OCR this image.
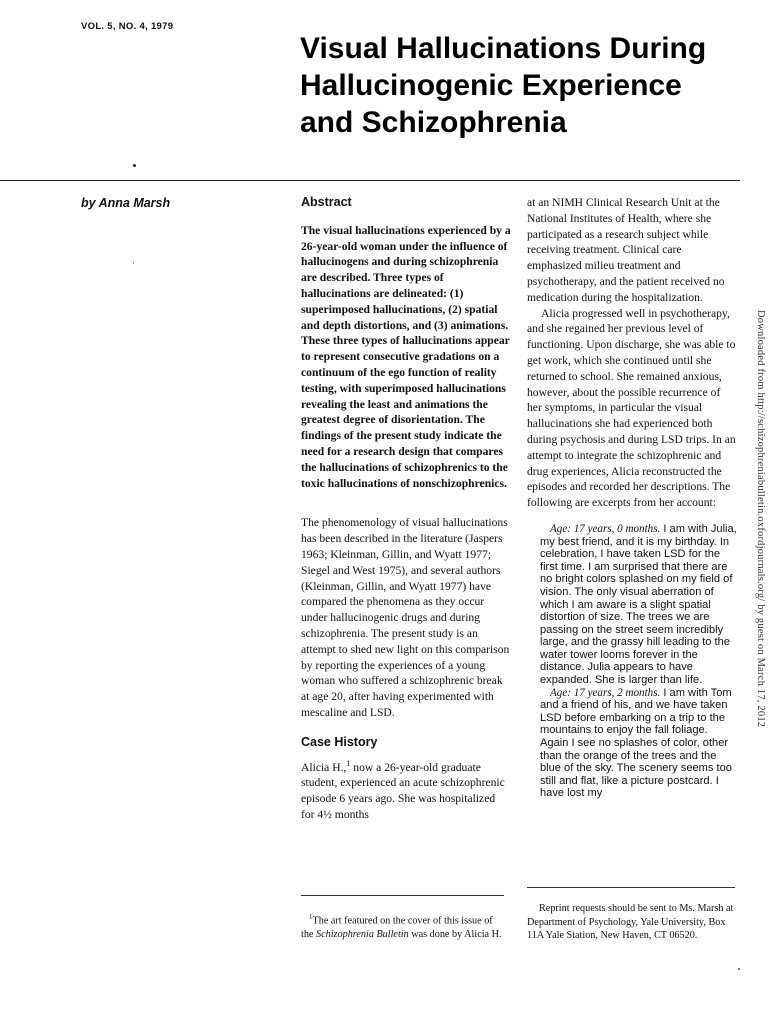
VOL. 5, NO. 4, 1979
Visual Hallucinations During Hallucinogenic Experience and Schizophrenia
by Anna Marsh	Abstract

The visual hallucinations experienced by a 26-year-old woman under the influence of hallucinogens and during schizophrenia are described. Three types of hallucinations are delineated: (1) superimposed hallucinations, (2) spatial and depth distortions, and (3) animations. These three types of hallucinations appear to represent consecutive gradations on a continuum of the ego function of reality testing, with superimposed hallucinations revealing the least and animations the greatest degree of disorientation. The findings of the present study indicate the need for a research design that compares the hallucinations of schizophrenics to the toxic hallucinations of nonschizophrenics.

The phenomenology of visual hallucinations has been described in the literature (Jaspers 1963; Kleinman, Gillin, and Wyatt 1977; Siegel and West 1975), and several authors (Kleinman, Gillin, and Wyatt 1977) have compared the phenomena as they occur under hallucinogenic drugs and during schizophrenia. The present study is an attempt to shed new light on this comparison by reporting the experiences of a young woman who suffered a schizophrenic break at age 20, after having experimented with mescaline and LSD.

Case History

Alicia H.,$^1$ now a 26-year-old graduate student, experienced an acute schizophrenic episode 6 years ago. She was hospitalized for 4½ months

at an NIMH Clinical Research Unit at the National Institutes of Health, where she participated as a research subject while receiving treatment. Clinical care emphasized milieu treatment and psychotherapy, and the patient received no medication during the hospitalization.

Alicia progressed well in psychotherapy, and she regained her previous level of functioning. Upon discharge, she was able to get work, which she continued until she returned to school. She remained anxious, however, about the possible recurrence of her symptoms, in particular the visual hallucinations she had experienced both during psychosis and during LSD trips. In an attempt to integrate the schizophrenic and drug experiences, Alicia reconstructed the episodes and recorded her descriptions. The following are excerpts from her account:

Age: 17 years, 0 months. I am with Julia, my best friend, and it is my birthday. In celebration, I have taken LSD for the first time. I am surprised that there are no bright colors splashed on my field of vision. The only visual aberration of which I am aware is a slight spatial distortion of size. The trees we are passing on the street seem incredibly large, and the grassy hill leading to the water tower looms forever in the distance. Julia appears to have expanded. She is larger than life.

Age: 17 years, 2 months. I am with Tom and a friend of his, and we have taken LSD before embarking on a trip to the mountains to enjoy the fall foliage. Again I see no splashes of color, other than the orange of the trees and the blue of the sky. The scenery seems too still and flat, like a picture postcard. I have lost my

$^1$The art featured on the cover of this issue of the Schizophrenia Bulletin was done by Alicia H.

Reprint requests should be sent to Ms. Marsh at Department of Psychology, Yale University, Box 11A Yale Station, New Haven, CT 06520.

Downloaded from http://schizophreniabulletin.oxfordjournals.org/ by guest on March 17, 2012
